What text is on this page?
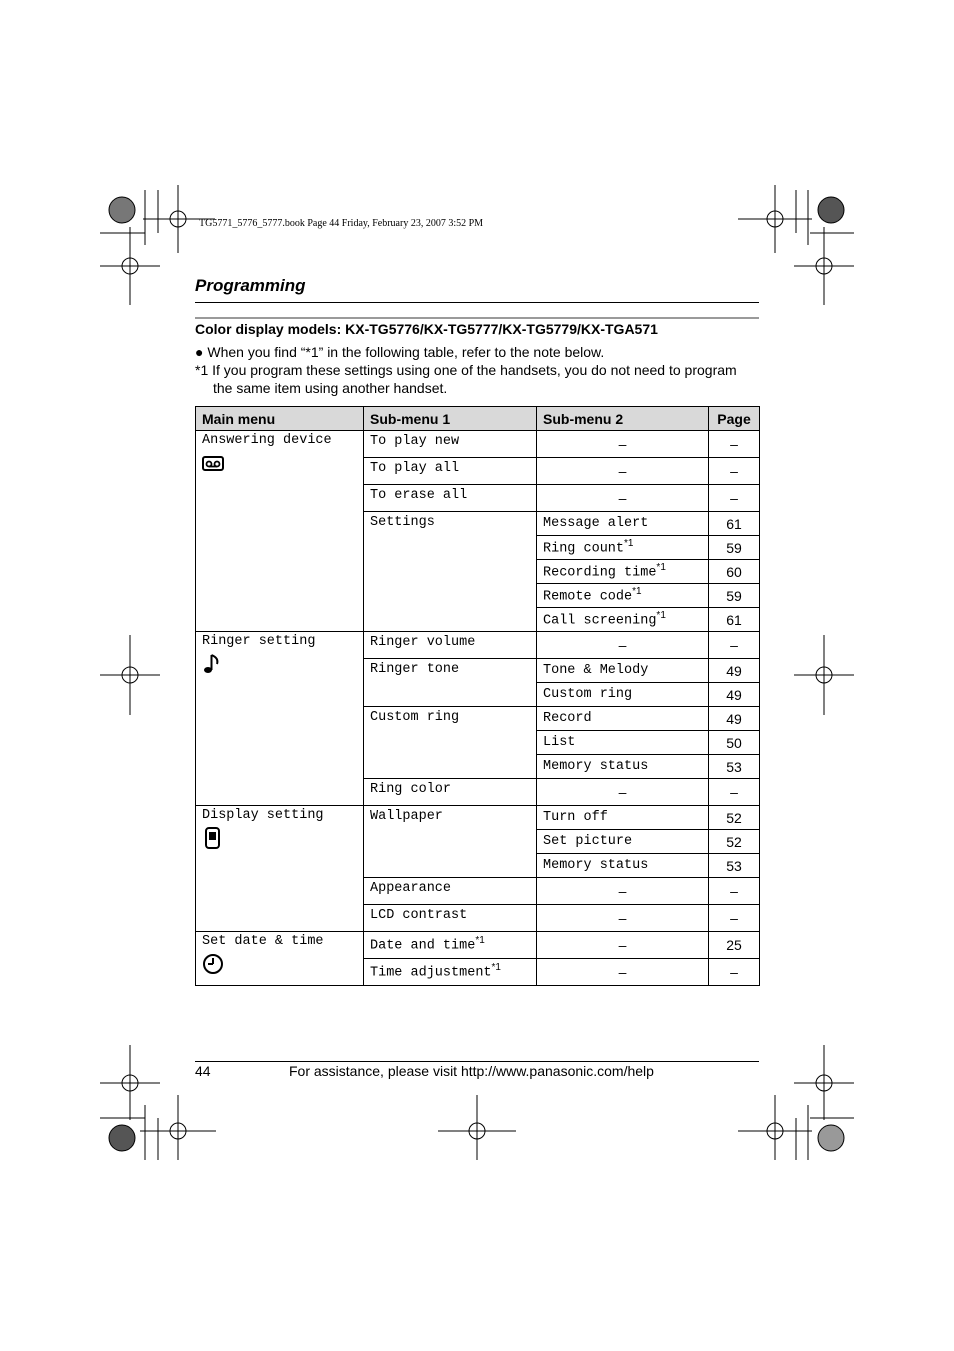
TG5771_5776_5777.book Page 44 Friday, February 23, 2007 3:52 PM
Programming
Color display models: KX-TG5776/KX-TG5777/KX-TG5779/KX-TGA571
● When you find “*1” in the following table, refer to the note below.
*1 If you program these settings using one of the handsets, you do not need to program
the same item using another handset.
Main menu	Sub-menu 1	Sub-menu 2	Page
Answering device	To play new	–	–
	To play all	–	–
	To erase all	–	–
	Settings	Message alert	61
		Ring count$^{*1}$	59
		Recording time$^{*1}$	60
		Remote code$^{*1}$	59
		Call screening$^{*1}$	61
Ringer setting	Ringer volume	–	–
	Ringer tone	Tone & Melody	49
		Custom ring	49
	Custom ring	Record	49
		List	50
		Memory status	53
	Ring color	–	–
Display setting	Wallpaper	Turn off	52
		Set picture	52
		Memory status	53
	Appearance	–	–
	LCD contrast	–	–
Set date & time	Date and time$^{*1}$	–	25
	Time adjustment$^{*1}$	–	–
44	For assistance, please visit http://www.panasonic.com/help
